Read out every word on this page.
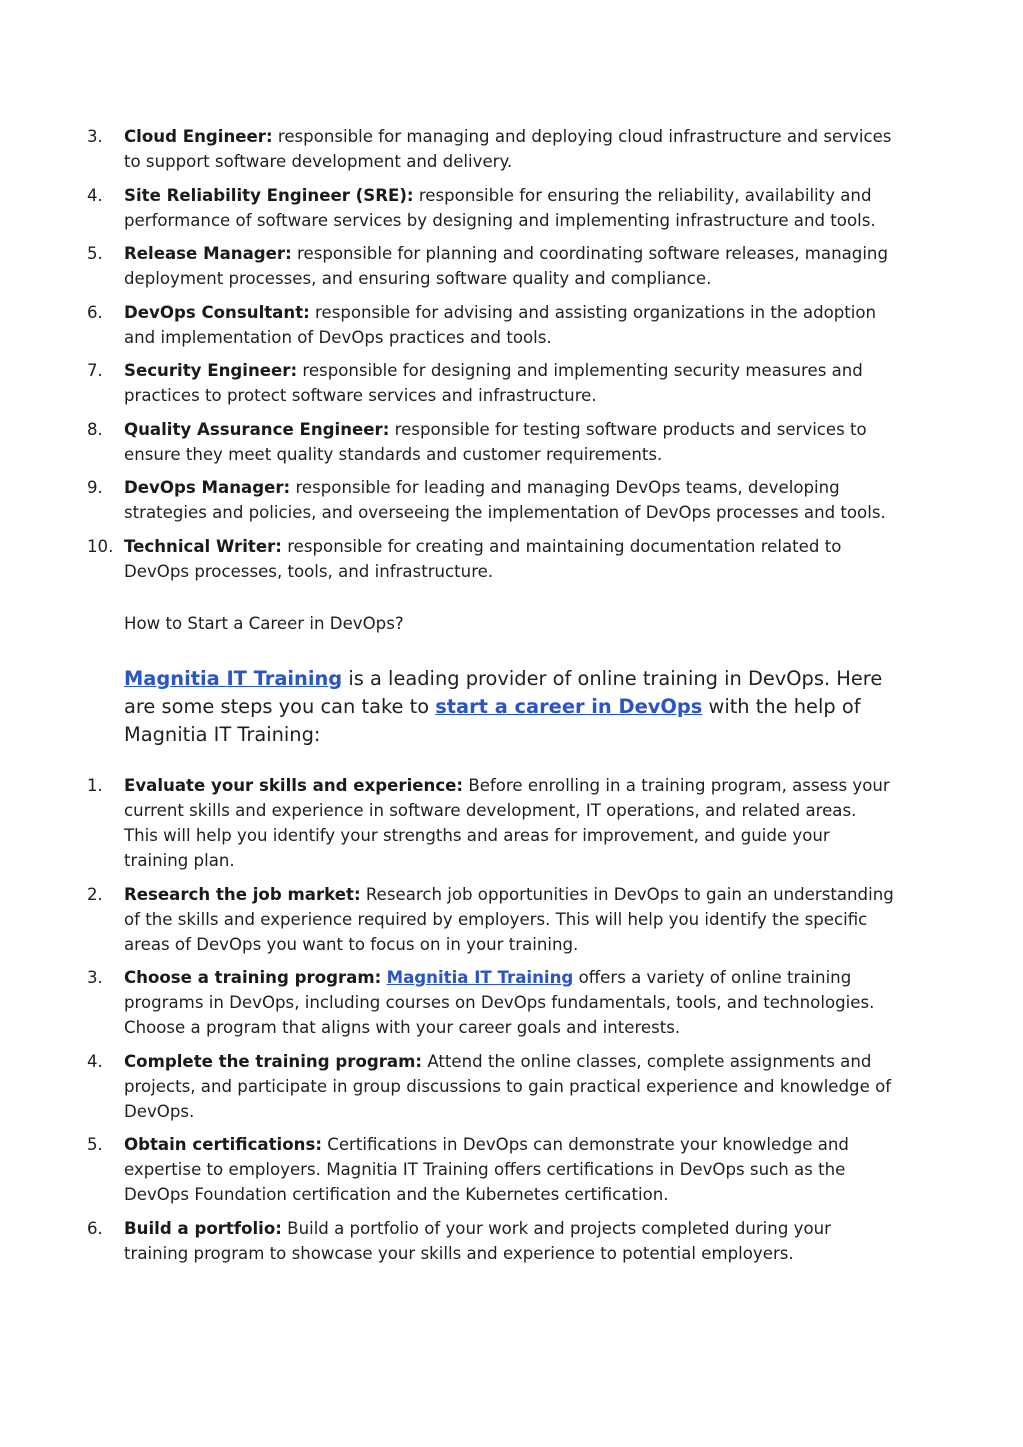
3.	Cloud Engineer: responsible for managing and deploying cloud infrastructure and services to support software development and delivery.
4.	Site Reliability Engineer (SRE): responsible for ensuring the reliability, availability and performance of software services by designing and implementing infrastructure and tools.
5.	Release Manager: responsible for planning and coordinating software releases, managing deployment processes, and ensuring software quality and compliance.
6.	DevOps Consultant: responsible for advising and assisting organizations in the adoption and implementation of DevOps practices and tools.
7.	Security Engineer: responsible for designing and implementing security measures and practices to protect software services and infrastructure.
8.	Quality Assurance Engineer: responsible for testing software products and services to ensure they meet quality standards and customer requirements.
9.	DevOps Manager: responsible for leading and managing DevOps teams, developing strategies and policies, and overseeing the implementation of DevOps processes and tools.
10. Technical Writer: responsible for creating and maintaining documentation related to DevOps processes, tools, and infrastructure.
How to Start a Career in DevOps?
Magnitia IT Training is a leading provider of online training in DevOps. Here are some steps you can take to start a career in DevOps with the help of Magnitia IT Training:
1.	Evaluate your skills and experience: Before enrolling in a training program, assess your current skills and experience in software development, IT operations, and related areas. This will help you identify your strengths and areas for improvement, and guide your training plan.
2.	Research the job market: Research job opportunities in DevOps to gain an understanding of the skills and experience required by employers. This will help you identify the specific areas of DevOps you want to focus on in your training.
3.	Choose a training program: Magnitia IT Training offers a variety of online training programs in DevOps, including courses on DevOps fundamentals, tools, and technologies. Choose a program that aligns with your career goals and interests.
4.	Complete the training program: Attend the online classes, complete assignments and projects, and participate in group discussions to gain practical experience and knowledge of DevOps.
5.	Obtain certifications: Certifications in DevOps can demonstrate your knowledge and expertise to employers. Magnitia IT Training offers certifications in DevOps such as the DevOps Foundation certification and the Kubernetes certification.
6.	Build a portfolio: Build a portfolio of your work and projects completed during your training program to showcase your skills and experience to potential employers.
